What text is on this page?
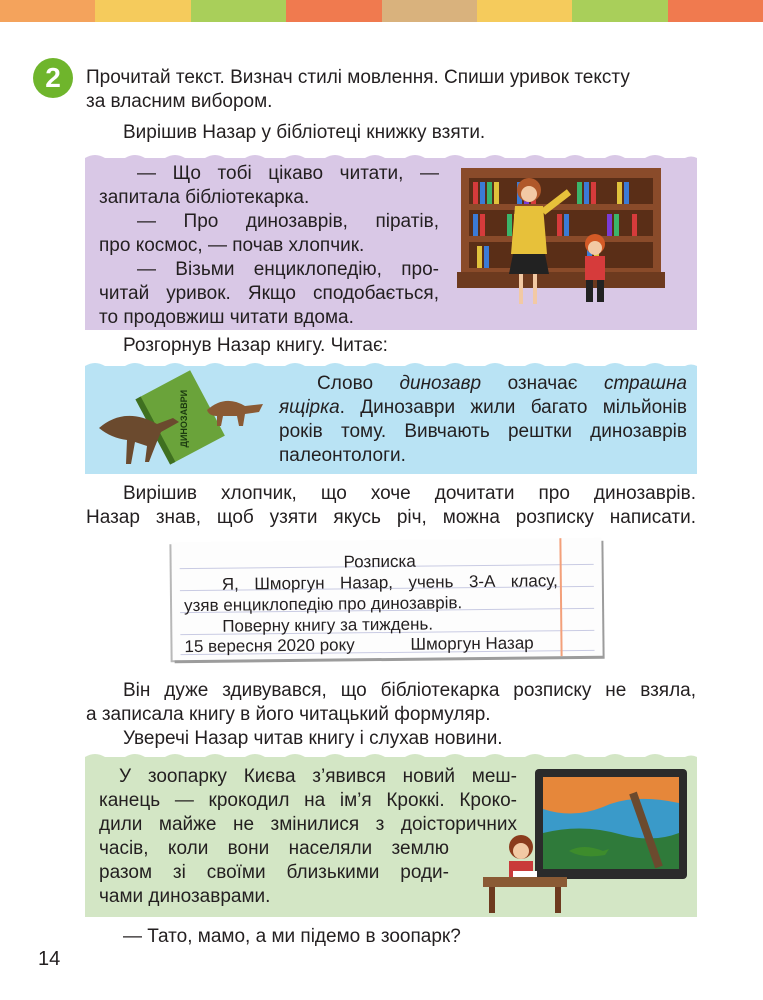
2	Прочитай текст. Визнач стилі мовлення. Спиши уривок тексту
за власним вибором.
Вирішив Назар у бібліотеці книжку взяти.
— Що тобі цікаво читати, —
запитала бібліотекарка.
— Про динозаврів, піратів,
про космос, — почав хлопчик.
— Візьми енциклопедію, про-
читай уривок. Якщо сподобається,
то продовжиш читати вдома.
Розгорнув Назар книгу. Читає:
ДИНОЗАВРИ
Слово динозавр означає страшна
ящірка. Динозаври жили багато мільйонів
років тому. Вивчають рештки динозаврів
палеонтологи.
Вирішив хлопчик, що хоче дочитати про динозаврів.
Назар знав, щоб узяти якусь річ, можна розписку написати.
Розписка
Я, Шморгун Назар, учень 3-А класу,
узяв енциклопедію про динозаврів.
Поверну книгу за тиждень.
15 вересня 2020 року	Шморгун Назар
Він дуже здивувався, що бібліотекарка розписку не взяла,
а записала книгу в його читацький формуляр.
Уверечі Назар читав книгу і слухав новини.
У зоопарку Києва з’явився новий меш-
канець — крокодил на ім’я Кроккі. Кроко-
дили майже не змінилися з доісторичних
часів, коли вони населяли землю
разом зі своїми близькими роди-
чами динозаврами.
— Тато, мамо, а ми підемо в зоопарк?
14
